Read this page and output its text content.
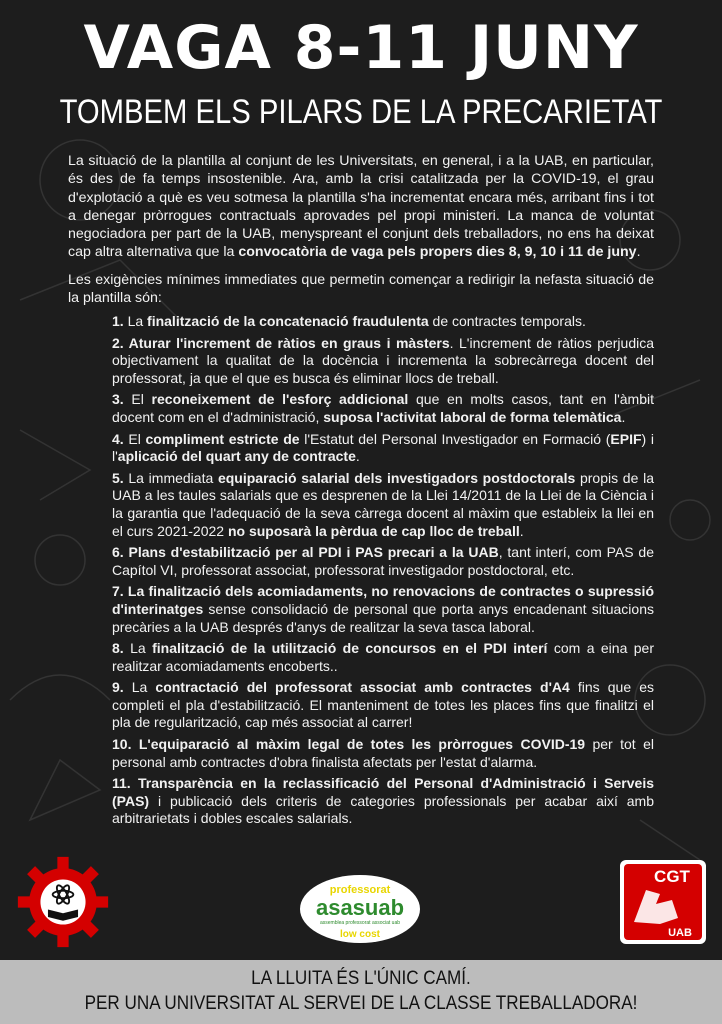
VAGA 8-11 JUNY
TOMBEM ELS PILARS DE LA PRECARIETAT

La situació de la plantilla al conjunt de les Universitats, en general, i a la UAB, en particular, és des de fa temps insostenible. Ara, amb la crisi catalitzada per la COVID-19, el grau d'explotació a què es veu sotmesa la plantilla s'ha incrementat encara més, arribant fins i tot a denegar pròrrogues contractuals aprovades pel propi ministeri. La manca de voluntat negociadora per part de la UAB, menyspreant el conjunt dels treballadors, no ens ha deixat cap altra alternativa que la convocatòria de vaga pels propers dies 8, 9, 10 i 11 de juny.

Les exigències mínimes immediates que permetin començar a redirigir la nefasta situació de la plantilla són:

1. La finalització de la concatenació fraudulenta de contractes temporals.
2. Aturar l'increment de ràtios en graus i màsters. L'increment de ràtios perjudica objectivament la qualitat de la docència i incrementa la sobrecàrrega docent del professorat, ja que el que es busca és eliminar llocs de treball.
3. El reconeixement de l'esforç addicional que en molts casos, tant en l'àmbit docent com en el d'administració, suposa l'activitat laboral de forma telemàtica.
4. El compliment estricte de l'Estatut del Personal Investigador en Formació (EPIF) i l'aplicació del quart any de contracte.
5. La immediata equiparació salarial dels investigadors postdoctorals propis de la UAB a les taules salarials que es desprenen de la Llei 14/2011 de la Llei de la Ciència i la garantia que l'adequació de la seva càrrega docent al màxim que estableix la llei en el curs 2021-2022 no suposarà la pèrdua de cap lloc de treball.
6. Plans d'estabilització per al PDI i PAS precari a la UAB, tant interí, com PAS de Capítol VI, professorat associat, professorat investigador postdoctoral, etc.
7. La finalització dels acomiadaments, no renovacions de contractes o supressió d'interinatges sense consolidació de personal que porta anys encadenant situacions precàries a la UAB després d'anys de realitzar la seva tasca laboral.
8. La finalització de la utilització de concursos en el PDI interí com a eina per realitzar acomiadaments encoberts..
9. La contractació del professorat associat amb contractes d'A4 fins que es completi el pla d'estabilització. El manteniment de totes les places fins que finalitzi el pla de regularització, cap més associat al carrer!
10. L'equiparació al màxim legal de totes les pròrrogues COVID-19 per tot el personal amb contractes d'obra finalista afectats per l'estat d'alarma.
11. Transparència en la reclassificació del Personal d'Administració i Serveis (PAS) i publicació dels criteris de categories professionals per acabar així amb arbitrarietats i dobles escales salarials.
professorat
asasuab
assemblea professorat associat uab
low cost
CGT
UAB
LA LLUITA ÉS L'ÚNIC CAMÍ.
PER UNA UNIVERSITAT AL SERVEI DE LA CLASSE TREBALLADORA!
